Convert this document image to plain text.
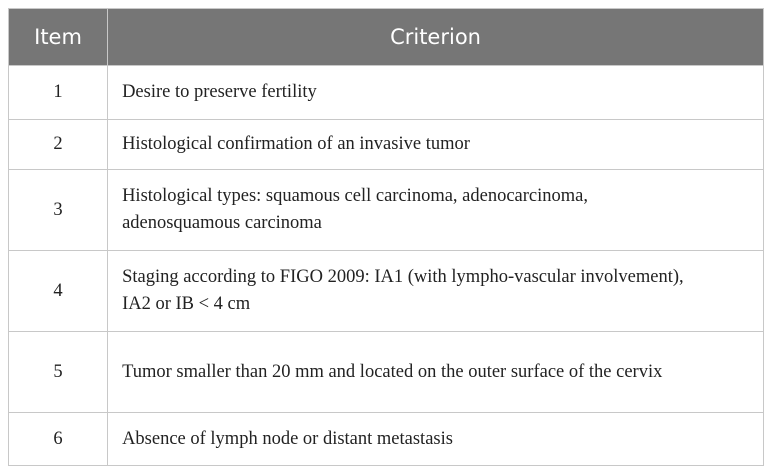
Item	Criterion
1	Desire to preserve fertility
2	Histological confirmation of an invasive tumor
3	Histological types: squamous cell carcinoma, adenocarcinoma, adenosquamous carcinoma

4	Staging according to FIGO 2009: IA1 (with lympho-vascular involvement), IA2 or IB < 4 cm

5	Tumor smaller than 20 mm and located on the outer surface of the cervix

6	Absence of lymph node or distant metastasis
